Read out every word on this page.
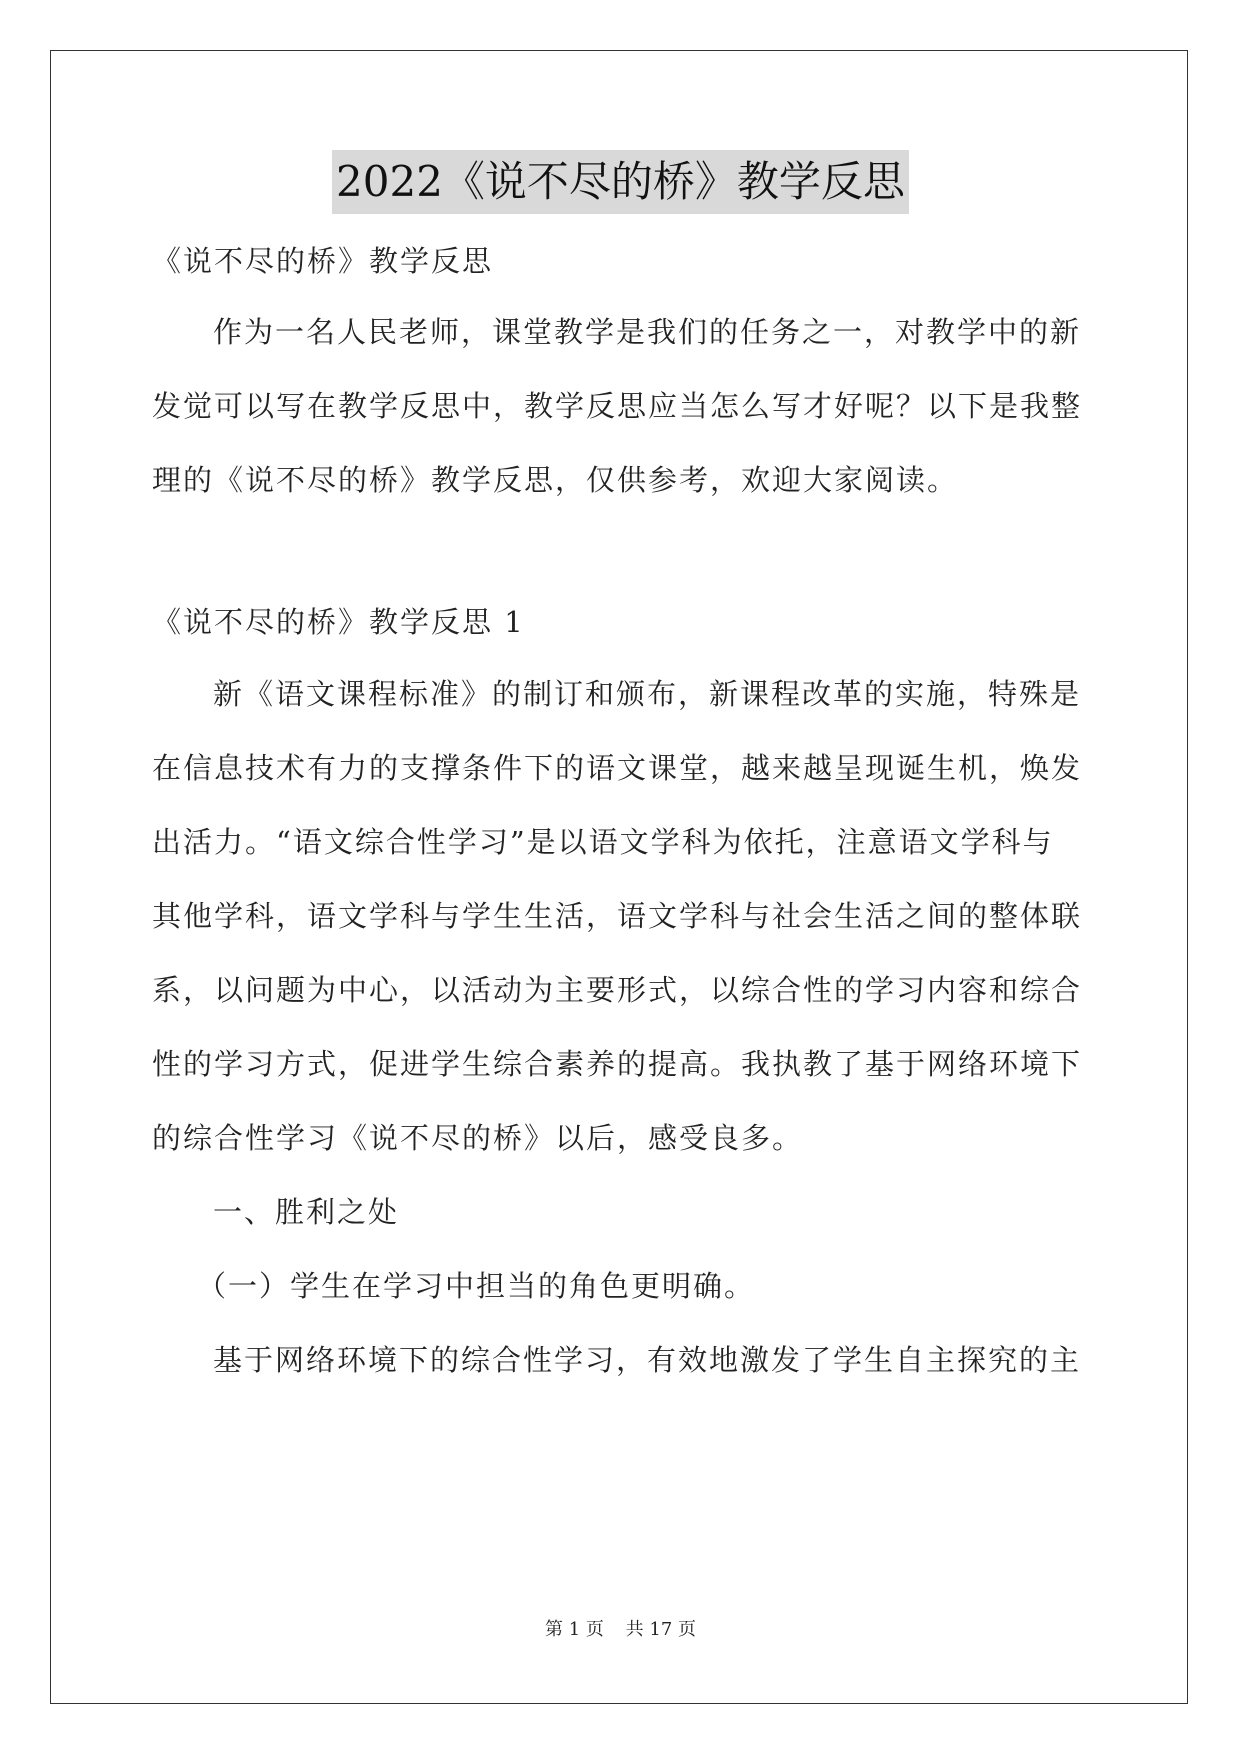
2022《说不尽的桥》教学反思
《说不尽的桥》教学反思
作为一名人民老师，课堂教学是我们的任务之一，对教学中的新
发觉可以写在教学反思中，教学反思应当怎么写才好呢？以下是我整
理的《说不尽的桥》教学反思，仅供参考，欢迎大家阅读。
《说不尽的桥》教学反思 1
新《语文课程标准》的制订和颁布，新课程改革的实施，特殊是
在信息技术有力的支撑条件下的语文课堂，越来越呈现诞生机，焕发
出活力。“语文综合性学习”是以语文学科为依托，注意语文学科与
其他学科，语文学科与学生生活，语文学科与社会生活之间的整体联
系，以问题为中心，以活动为主要形式，以综合性的学习内容和综合
性的学习方式，促进学生综合素养的提高。我执教了基于网络环境下
的综合性学习《说不尽的桥》以后，感受良多。
一、胜利之处
（一）学生在学习中担当的角色更明确。
基于网络环境下的综合性学习，有效地激发了学生自主探究的主
第 1 页 共 17 页
